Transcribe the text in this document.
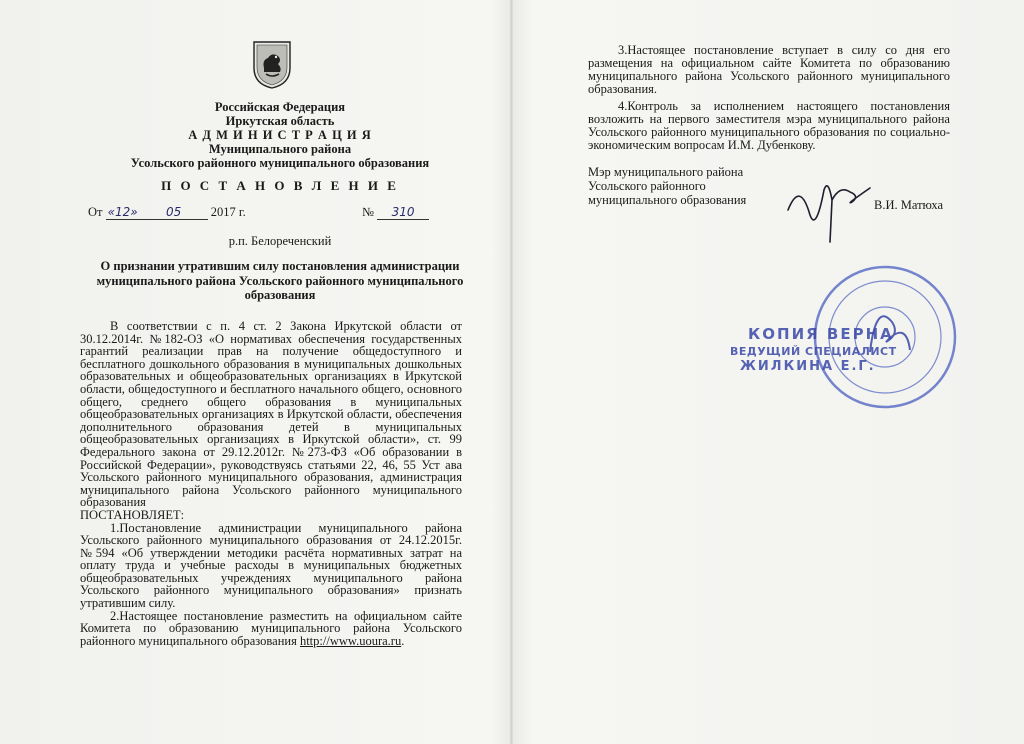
Российская Федерация
Иркутская область
А Д М И Н И С Т Р А Ц И Я
Муниципального района
Усольского районного муниципального образования
П О С Т А Н О В Л Е Н И Е
От «12» 05 2017 г.	№ 310
р.п. Белореченский
О признании утратившим силу постановления администрации муниципального района Усольского районного муниципального образования

В соответствии с п. 4 ст. 2 Закона Иркутской области от 30.12.2014г. №182-ОЗ «О нормативах обеспечения государственных гарантий реализации прав на получение общедоступного и бесплатного дошкольного образования в муниципальных дошкольных образовательных и общеобразовательных организациях в Иркутской области, общедоступного и бесплатного начального общего, основного общего, среднего общего образования в муниципальных общеобразовательных организациях в Иркутской области, обеспечения дополнительного образования детей в муниципальных общеобразовательных организациях в Иркутской области», ст. 99 Федерального закона от 29.12.2012г. №273-ФЗ «Об образовании в Российской Федерации», руководствуясь статьями 22, 46, 55 Уст ава Усольского районного муниципального образования, администрация муниципального района Усольского районного муниципального образования

ПОСТАНОВЛЯЕТ:

1.Постановление администрации муниципального района Усольского районного муниципального образования от 24.12.2015г. №594 «Об утверждении методики расчёта нормативных затрат на оплату труда и учебные расходы в муниципальных бюджетных общеобразовательных учреждениях муниципального района Усольского районного муниципального образования» признать утратившим силу.

2.Настоящее постановление разместить на официальном сайте Комитета по образованию муниципального района Усольского районного муниципального образования http://www.uoura.ru.

3.Настоящее постановление вступает в силу со дня его размещения на официальном сайте Комитета по образованию муниципального района Усольского районного муниципального образования.

4.Контроль за исполнением настоящего постановления возложить на первого заместителя мэра муниципального района Усольского районного муниципального образования по социально-экономическим вопросам И.М. Дубенкову.

Мэр муниципального района
Усольского районного
муниципального образования	В.И. Матюха
КОПИЯ ВЕРНА
ВЕДУЩИЙ СПЕЦИАЛИСТ
ЖИЛКИНА Е.Г.
